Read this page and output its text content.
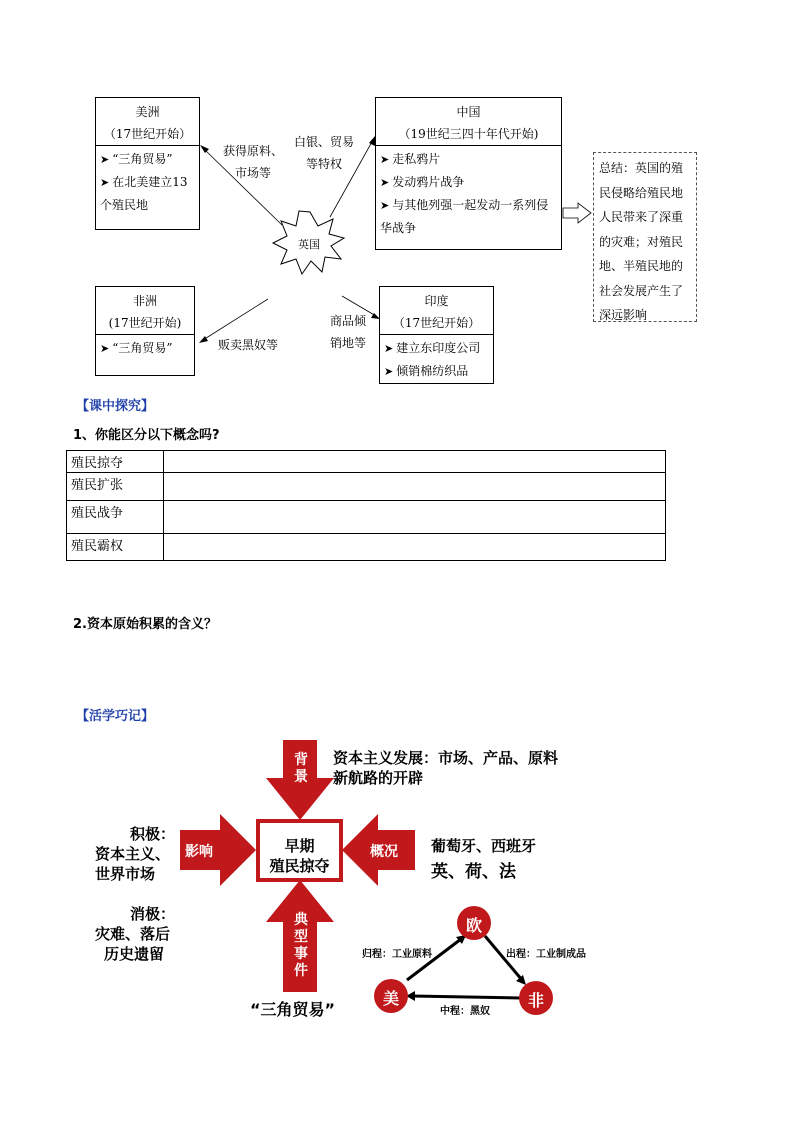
英国
美洲
（17世纪开始）
➤ “三角贸易”
➤ 在北美建立13个殖民地
中国
（19世纪三四十年代开始)
➤ 走私鸦片
➤ 发动鸦片战争
➤ 与其他列强一起发动一系列侵华战争
非洲
(17世纪开始)
➤ “三角贸易”
印度
（17世纪开始）
➤ 建立东印度公司
➤ 倾销棉纺织品
获得原料、市场等
白银、贸易等特权
贩卖黑奴等
商品倾销地等
总结：英国的殖民侵略给殖民地人民带来了深重的灾难；对殖民地、半殖民地的社会发展产生了深远影响
【课中探究】
1、你能区分以下概念吗?
殖民掠夺	
殖民扩张	
殖民战争	
殖民霸权	
2.资本原始积累的含义？
【活学巧记】
背景
影响	概况
典型事件
早期
殖民掠夺
资本主义发展：市场、产品、原料
新航路的开辟
积极：
资本主义、
世界市场
消极：
灾难、落后
历史遗留
葡萄牙、西班牙
英、荷、法
“三角贸易”
欧
美	非
归程：工业原料	出程：工业制成品
中程：黑奴
